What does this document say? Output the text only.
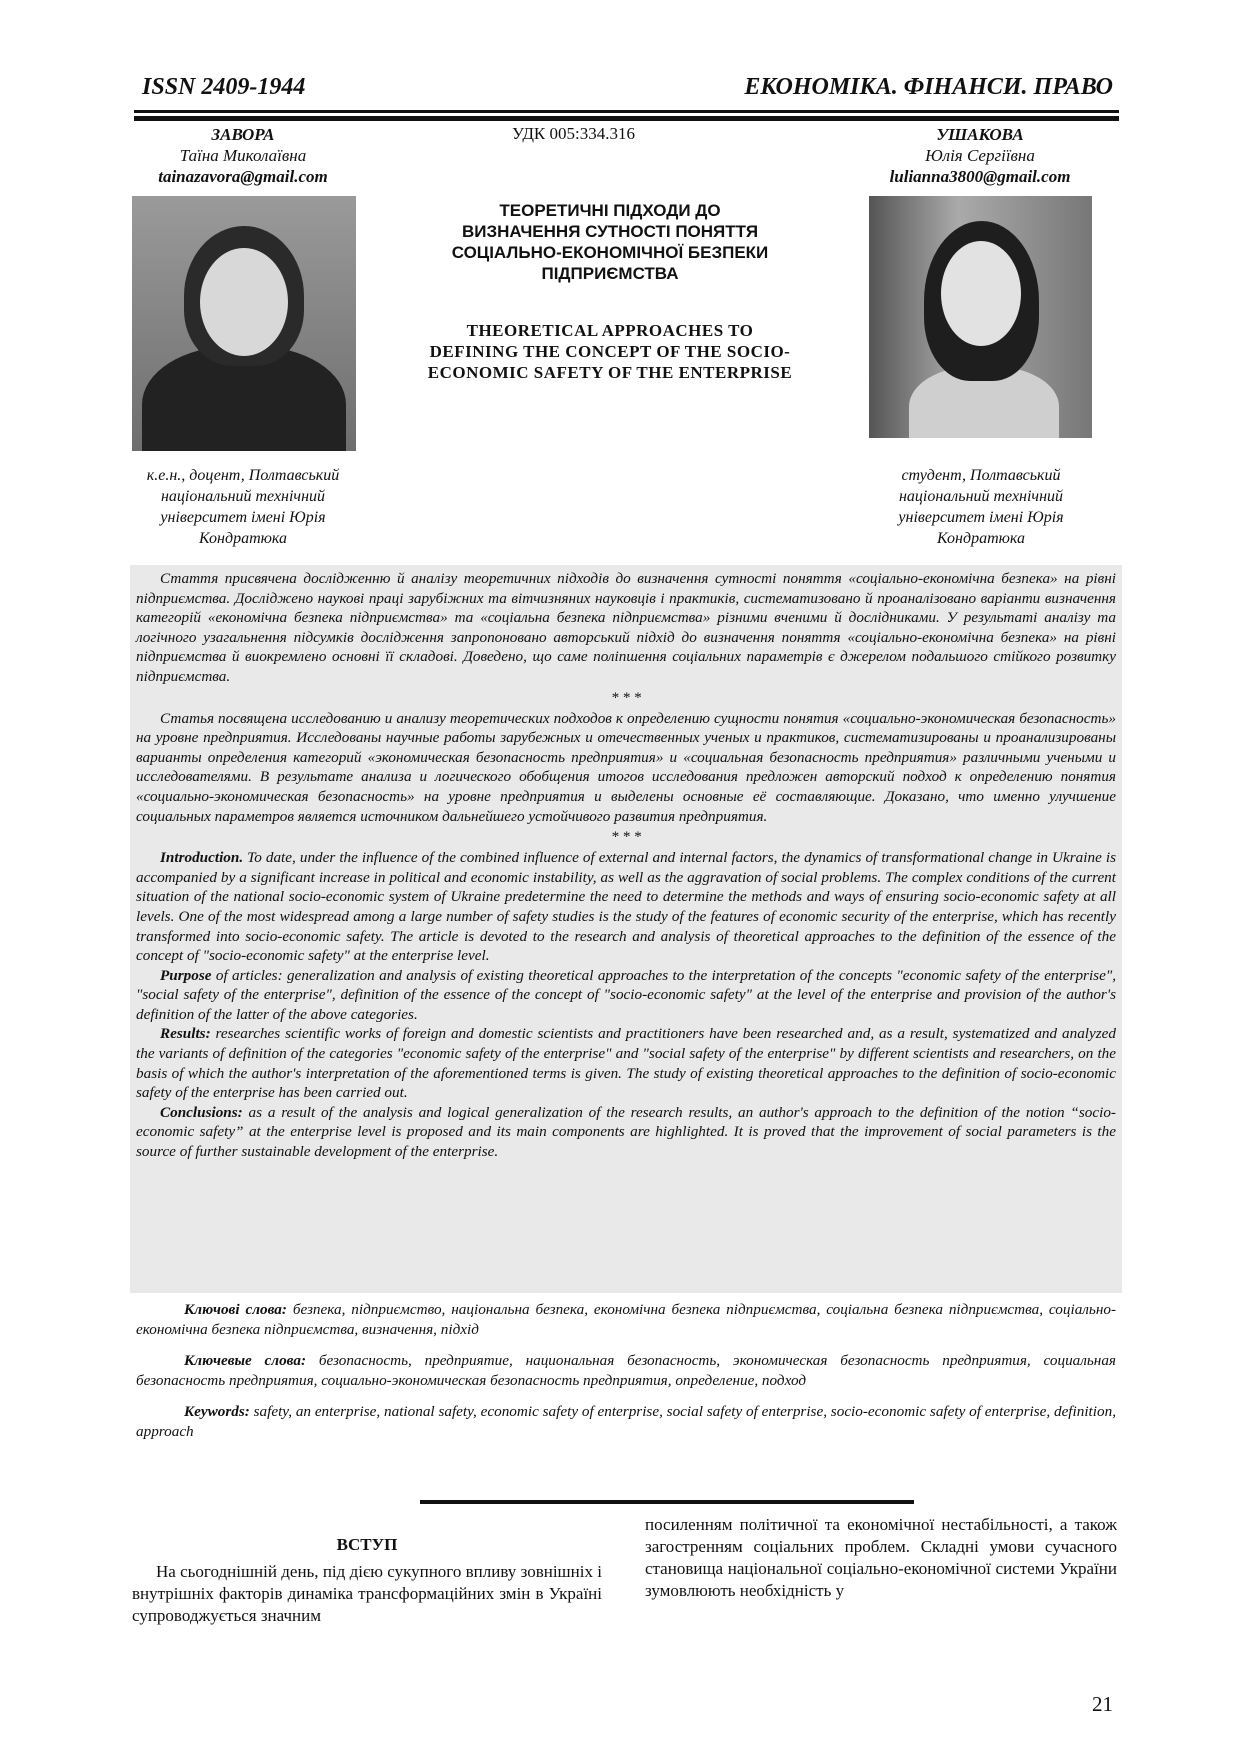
ISSN 2409-1944	ЕКОНОМІКА. ФІНАНСИ. ПРАВО
ЗАВОРА
Таїна Миколаївна
tainazavora@gmail.com
УДК 005:334.316	УШАКОВА
Юлія Сергіївна
lulianna3800@gmail.com
ТЕОРЕТИЧНІ ПІДХОДИ ДО
ВИЗНАЧЕННЯ СУТНОСТІ ПОНЯТТЯ
СОЦІАЛЬНО-ЕКОНОМІЧНОЇ БЕЗПЕКИ
ПІДПРИЄМСТВА
THEORETICAL APPROACHES TO
DEFINING THE CONCEPT OF THE SOCIO-
ECONOMIC SAFETY OF THE ENTERPRISE
к.е.н., доцент, Полтавський
національний технічний
університет імені Юрія
Кондратюка
студент, Полтавський
національний технічний
університет імені Юрія
Кондратюка

Стаття присвячена дослідженню й аналізу теоретичних підходів до визначення сутності поняття «соціально-економічна безпека» на рівні підприємства. Досліджено наукові праці зарубіжних та вітчизняних науковців і практиків, систематизовано й проаналізовано варіанти визначення категорій «економічна безпека підприємства» та «соціальна безпека підприємства» різними вченими й дослідниками. У результаті аналізу та логічного узагальнення підсумків дослідження запропоновано авторський підхід до визначення поняття «соціально-економічна безпека» на рівні підприємства й виокремлено основні її складові. Доведено, що саме поліпшення соціальних параметрів є джерелом подальшого стійкого розвитку підприємства.

* * *

Статья посвящена исследованию и анализу теоретических подходов к определению сущности понятия «социально-экономическая безопасность» на уровне предприятия. Исследованы научные работы зарубежных и отечественных ученых и практиков, систематизированы и проанализированы варианты определения категорий «экономическая безопасность предприятия» и «социальная безопасность предприятия» различными учеными и исследователями. В результате анализа и логического обобщения итогов исследования предложен авторский подход к определению понятия «социально-экономическая безопасность» на уровне предприятия и выделены основные её составляющие. Доказано, что именно улучшение социальных параметров является источником дальнейшего устойчивого развития предприятия.

* * *

Introduction. To date, under the influence of the combined influence of external and internal factors, the dynamics of transformational change in Ukraine is accompanied by a significant increase in political and economic instability, as well as the aggravation of social problems. The complex conditions of the current situation of the national socio-economic system of Ukraine predetermine the need to determine the methods and ways of ensuring socio-economic safety at all levels. One of the most widespread among a large number of safety studies is the study of the features of economic security of the enterprise, which has recently transformed into socio-economic safety. The article is devoted to the research and analysis of theoretical approaches to the definition of the essence of the concept of "socio-economic safety" at the enterprise level.

Purpose of articles: generalization and analysis of existing theoretical approaches to the interpretation of the concepts "economic safety of the enterprise", "social safety of the enterprise", definition of the essence of the concept of "socio-economic safety" at the level of the enterprise and provision of the author's definition of the latter of the above categories.

Results: researches scientific works of foreign and domestic scientists and practitioners have been researched and, as a result, systematized and analyzed the variants of definition of the categories "economic safety of the enterprise" and "social safety of the enterprise" by different scientists and researchers, on the basis of which the author's interpretation of the aforementioned terms is given. The study of existing theoretical approaches to the definition of socio-economic safety of the enterprise has been carried out.

Conclusions: as a result of the analysis and logical generalization of the research results, an author's approach to the definition of the notion “socio-economic safety” at the enterprise level is proposed and its main components are highlighted. It is proved that the improvement of social parameters is the source of further sustainable development of the enterprise.

Ключові слова: безпека, підприємство, національна безпека, економічна безпека підприємства, соціальна безпека підприємства, соціально-економічна безпека підприємства, визначення, підхід

Ключевые слова: безопасность, предприятие, национальная безопасность, экономическая безопасность предприятия, социальная безопасность предприятия, социально-экономическая безопасность предприятия, определение, подход

Keywords: safety, an enterprise, national safety, economic safety of enterprise, social safety of enterprise, socio-economic safety of enterprise, definition, approach

ВСТУП

На сьогоднішній день, під дією сукупного впливу зовнішніх і внутрішніх факторів динаміка трансформаційних змін в Україні супроводжується значним

посиленням політичної та економічної нестабільності, а також загостренням соціальних проблем. Складні умови сучасного становища національної соціально-економічної системи України зумовлюють необхідність у

21
